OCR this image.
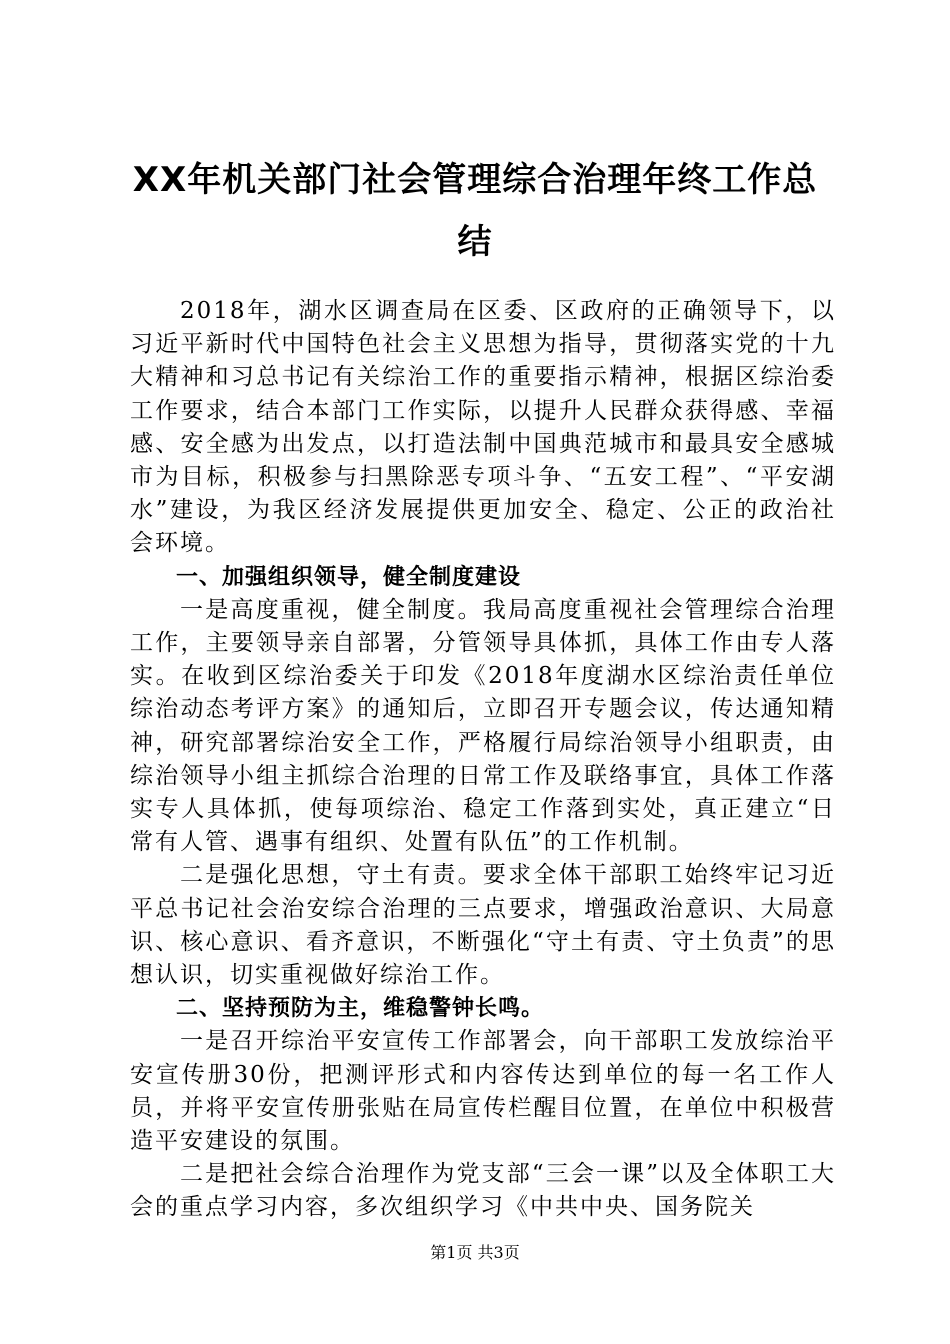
XX年机关部门社会管理综合治理年终工作总
结

2018年，湖水区调查局在区委、区政府的正确领导下，以习近平新时代中国特色社会主义思想为指导，贯彻落实党的十九大精神和习总书记有关综治工作的重要指示精神，根据区综治委工作要求，结合本部门工作实际，以提升人民群众获得感、幸福感、安全感为出发点，以打造法制中国典范城市和最具安全感城市为目标，积极参与扫黑除恶专项斗争、“五安工程”、“平安湖水”建设，为我区经济发展提供更加安全、稳定、公正的政治社会环境。

一、加强组织领导，健全制度建设

一是高度重视，健全制度。我局高度重视社会管理综合治理工作，主要领导亲自部署，分管领导具体抓，具体工作由专人落实。在收到区综治委关于印发《2018年度湖水区综治责任单位综治动态考评方案》的通知后，立即召开专题会议，传达通知精神，研究部署综治安全工作，严格履行局综治领导小组职责，由综治领导小组主抓综合治理的日常工作及联络事宜，具体工作落实专人具体抓，使每项综治、稳定工作落到实处，真正建立“日常有人管、遇事有组织、处置有队伍”的工作机制。

二是强化思想，守土有责。要求全体干部职工始终牢记习近平总书记社会治安综合治理的三点要求，增强政治意识、大局意识、核心意识、看齐意识，不断强化“守土有责、守土负责”的思想认识，切实重视做好综治工作。

二、坚持预防为主，维稳警钟长鸣。

一是召开综治平安宣传工作部署会，向干部职工发放综治平安宣传册30份，把测评形式和内容传达到单位的每一名工作人员，并将平安宣传册张贴在局宣传栏醒目位置，在单位中积极营造平安建设的氛围。

二是把社会综合治理作为党支部“三会一课”以及全体职工大会的重点学习内容，多次组织学习《中共中央、国务院关

第1页 共3页
